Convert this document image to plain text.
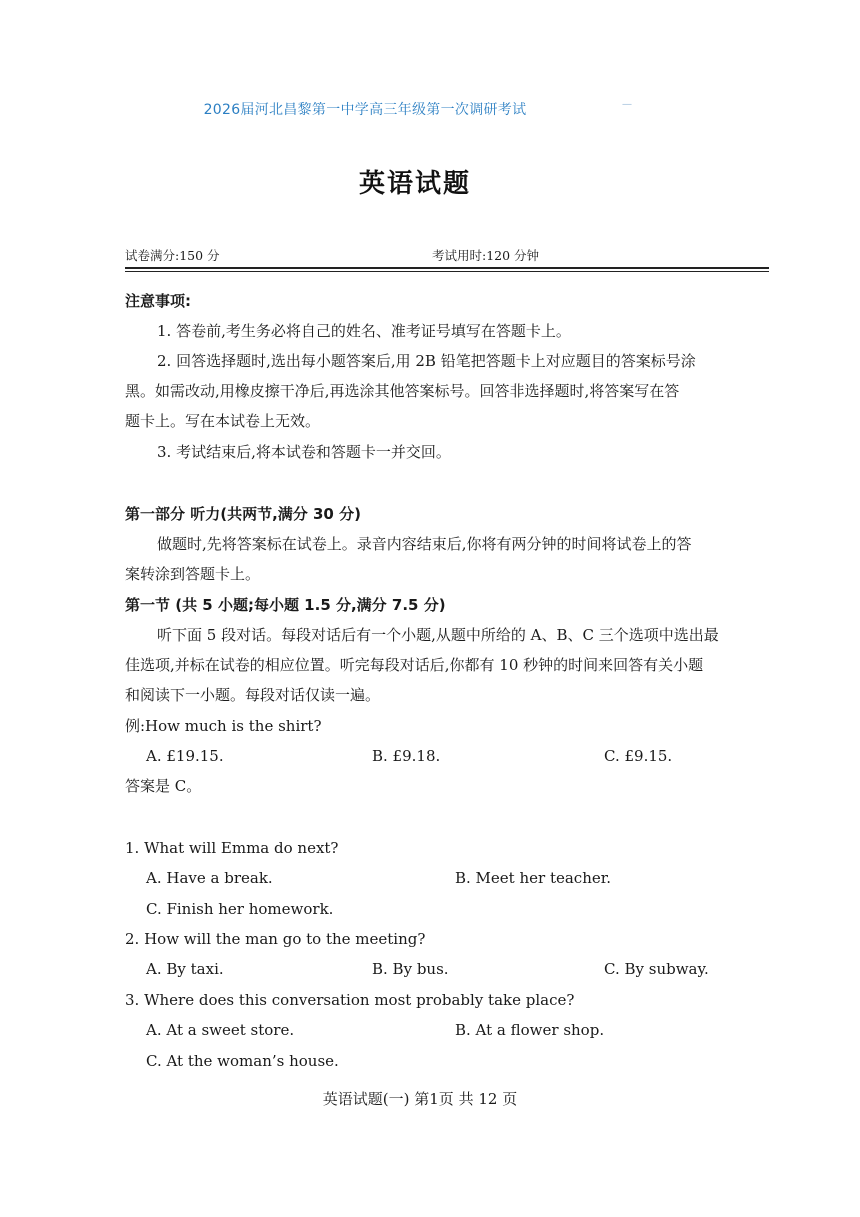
2026届河北昌黎第一中学高三年级第一次调研考试	—
英语试题
试卷满分:150 分	考试用时:120 分钟
注意事项:
1. 答卷前,考生务必将自己的姓名、准考证号填写在答题卡上。
2. 回答选择题时,选出每小题答案后,用 2B 铅笔把答题卡上对应题目的答案标号涂
黑。如需改动,用橡皮擦干净后,再选涂其他答案标号。回答非选择题时,将答案写在答
题卡上。写在本试卷上无效。
3. 考试结束后,将本试卷和答题卡一并交回。
第一部分 听力(共两节,满分 30 分)
做题时,先将答案标在试卷上。录音内容结束后,你将有两分钟的时间将试卷上的答
案转涂到答题卡上。
第一节 (共 5 小题;每小题 1.5 分,满分 7.5 分)
听下面 5 段对话。每段对话后有一个小题,从题中所给的 A、B、C 三个选项中选出最
佳选项,并标在试卷的相应位置。听完每段对话后,你都有 10 秒钟的时间来回答有关小题
和阅读下一小题。每段对话仅读一遍。
例:How much is the shirt?
A. £19.15.	B. £9.18.	C. £9.15.
答案是 C。
1. What will Emma do next?
A. Have a break.	B. Meet her teacher.
C. Finish her homework.
2. How will the man go to the meeting?
A. By taxi.	B. By bus.	C. By subway.
3. Where does this conversation most probably take place?
A. At a sweet store.	B. At a flower shop.
C. At the woman’s house.
英语试题(一) 第1页 共 12 页
